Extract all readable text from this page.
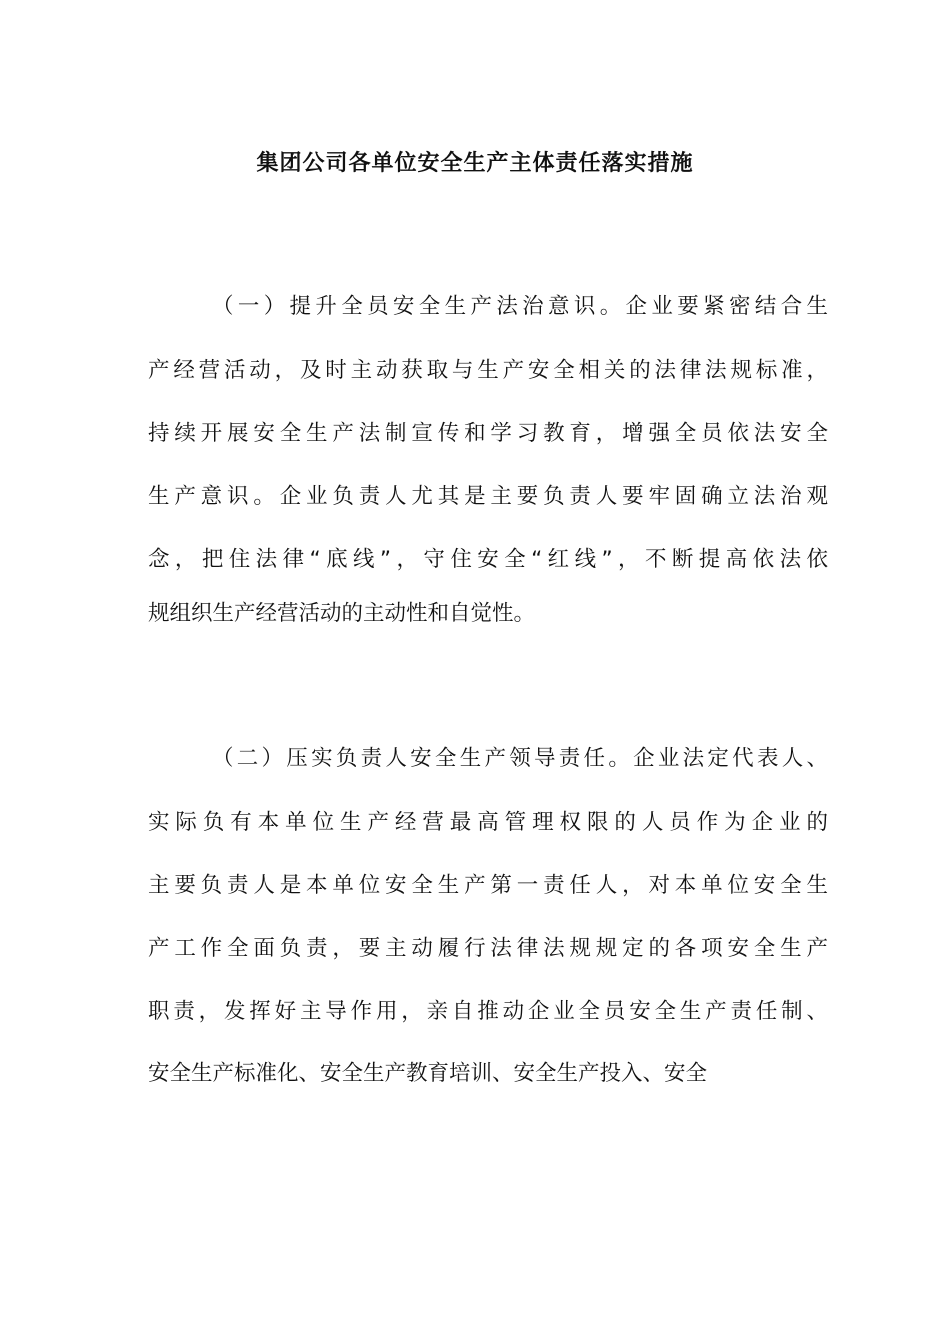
集团公司各单位安全生产主体责任落实措施

（一）提升全员安全生产法治意识。企业要紧密结合生

产经营活动，及时主动获取与生产安全相关的法律法规标准，

持续开展安全生产法制宣传和学习教育，增强全员依法安全

生产意识。企业负责人尤其是主要负责人要牢固确立法治观

念，把住法律“底线”，守住安全“红线”，不断提高依法依

规组织生产经营活动的主动性和自觉性。

（二）压实负责人安全生产领导责任。企业法定代表人、

实际负有本单位生产经营最高管理权限的人员作为企业的

主要负责人是本单位安全生产第一责任人，对本单位安全生

产工作全面负责，要主动履行法律法规规定的各项安全生产

职责，发挥好主导作用，亲自推动企业全员安全生产责任制、

安全生产标准化、安全生产教育培训、安全生产投入、安全
